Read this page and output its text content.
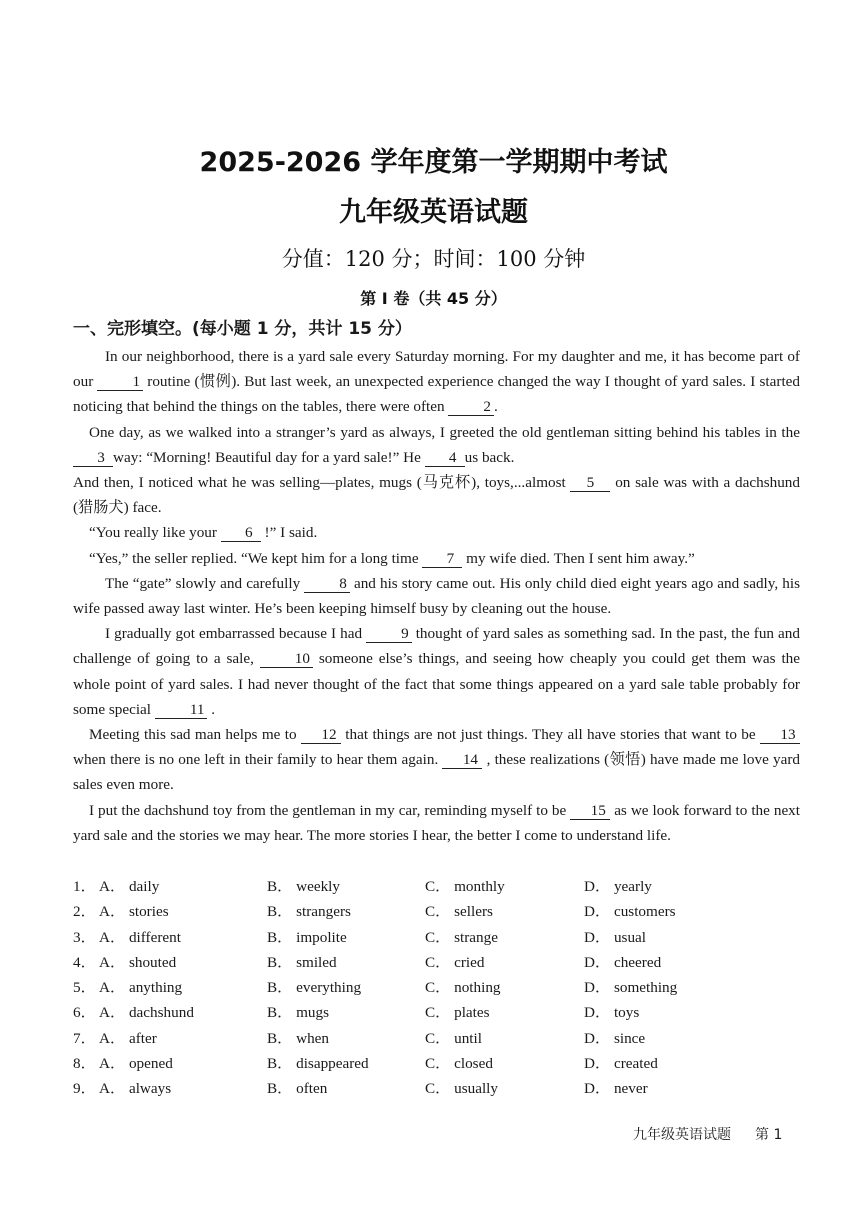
2025-2026 学年度第一学期期中考试
九年级英语试题
分值：120 分；时间：100 分钟
第 I 卷（共 45 分）
一、完形填空。(每小题 1 分，共计 15 分）

In our neighborhood, there is a yard sale every Saturday morning. For my daughter and me, it has become part of our 1 routine (惯例). But last week, an unexpected experience changed the way I thought of yard sales. I started noticing that behind the things on the tables, there were often 2 .

One day, as we walked into a stranger’s yard as always, I greeted the old gentleman sitting behind his tables in the 3 way: “Morning! Beautiful day for a yard sale!” He 4 us back.

And then, I noticed what he was selling—plates, mugs (马克杯), toys,...almost 5 on sale was with a dachshund (猎肠犬) face.

“You really like your 6 !” I said.

“Yes,” the seller replied. “We kept him for a long time 7 my wife died. Then I sent him away.”

The “gate” slowly and carefully 8 and his story came out. His only child died eight years ago and sadly, his wife passed away last winter. He’s been keeping himself busy by cleaning out the house.

I gradually got embarrassed because I had 9 thought of yard sales as something sad. In the past, the fun and challenge of going to a sale, 10 someone else’s things, and seeing how cheaply you could get them was the whole point of yard sales. I had never thought of the fact that some things appeared on a yard sale table probably for some special 11 .

Meeting this sad man helps me to 12 that things are not just things. They all have stories that want to be 13 when there is no one left in their family to hear them again. 14 , these realizations (领悟) have made me love yard sales even more.

I put the dachshund toy from the gentleman in my car, reminding myself to be 15 as we look forward to the next yard sale and the stories we may hear. The more stories I hear, the better I come to understand life.

1． A． daily	B． weekly	C． monthly	D． yearly
2． A． stories	B． strangers	C． sellers	D． customers
3． A． different	B． impolite	C． strange	D． usual
4． A． shouted	B． smiled	C． cried	D． cheered
5． A． anything	B． everything	C． nothing	D． something
6． A． dachshund	B． mugs	C． plates	D． toys
7． A． after	B． when	C． until	D． since
8． A． opened	B． disappeared	C． closed	D． created
9． A． always	B． often	C． usually	D． never
九年级英语试题 第 1
